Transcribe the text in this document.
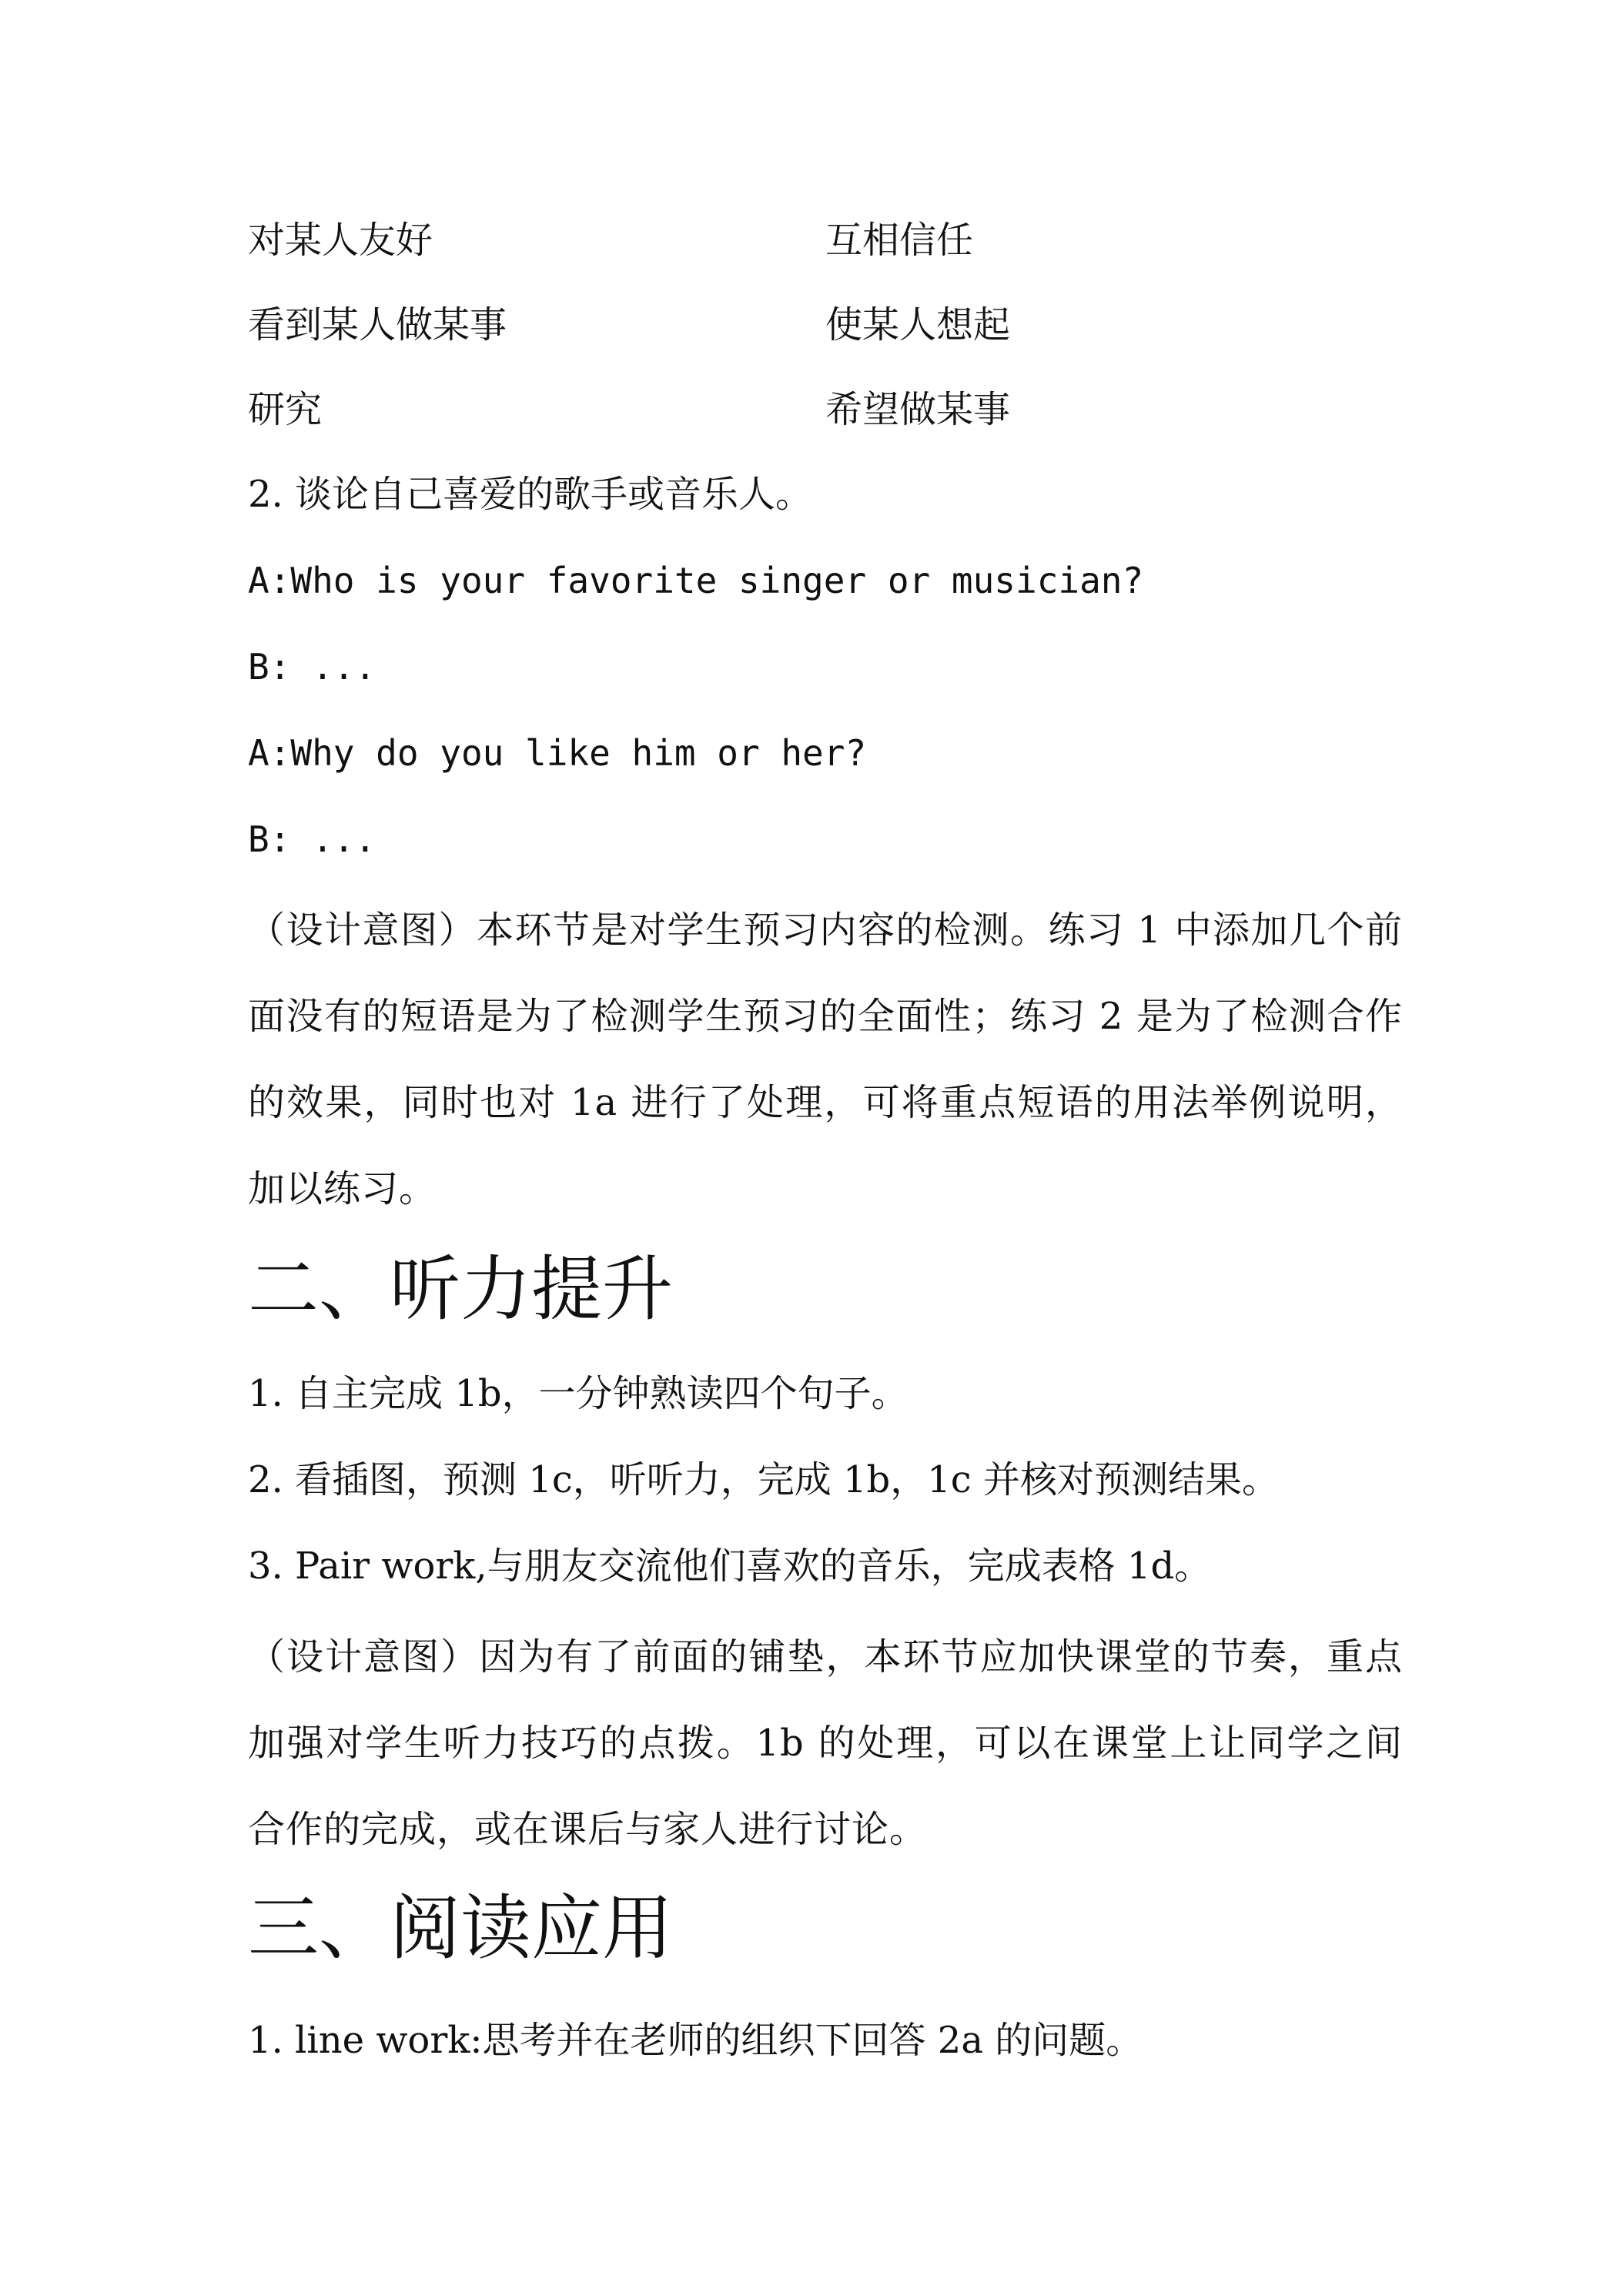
对某人友好	互相信任

看到某人做某事	使某人想起

研究	希望做某事

2. 谈论自己喜爱的歌手或音乐人。

A:Who is your favorite singer or musician?

B: ...

A:Why do you like him or her?

B: ...

（设计意图）本环节是对学生预习内容的检测。练习 1 中添加几个前面没有的短语是为了检测学生预习的全面性；练习 2 是为了检测合作的效果，同时也对 1a 进行了处理，可将重点短语的用法举例说明，加以练习。

二、听力提升

1. 自主完成 1b，一分钟熟读四个句子。

2. 看插图，预测 1c，听听力，完成 1b，1c 并核对预测结果。

3. Pair work,与朋友交流他们喜欢的音乐，完成表格 1d。

（设计意图）因为有了前面的铺垫，本环节应加快课堂的节奏，重点加强对学生听力技巧的点拨。1b 的处理，可以在课堂上让同学之间合作的完成，或在课后与家人进行讨论。

三、阅读应用

1. line work:思考并在老师的组织下回答 2a 的问题。
